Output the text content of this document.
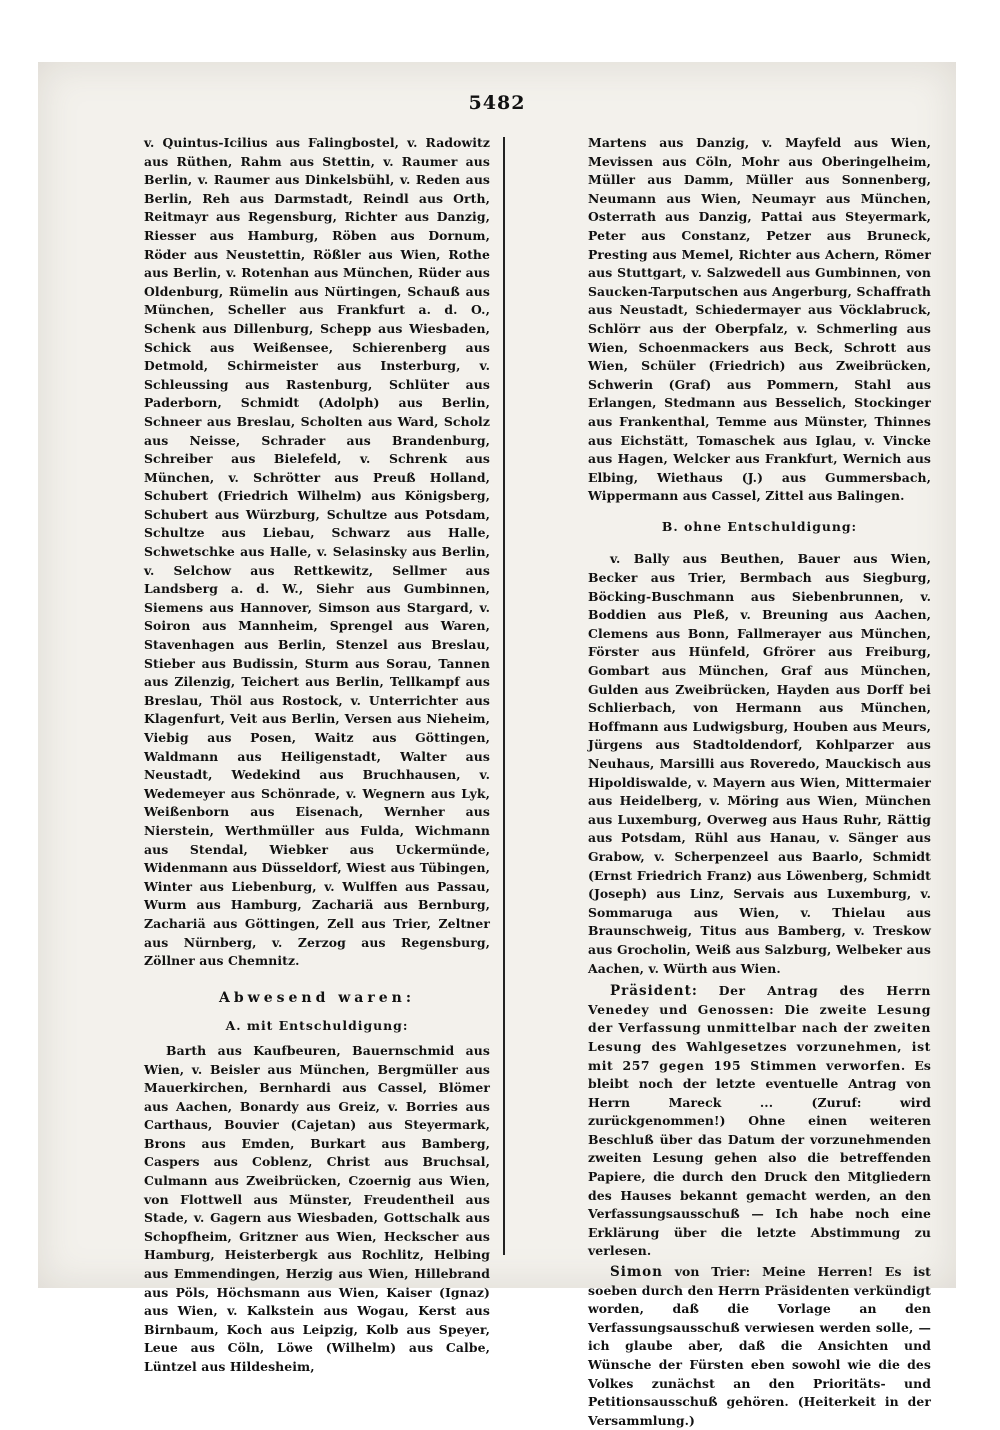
5482

v. Quintus-Icilius aus Falingbostel, v. Radowitz aus Rüthen, Rahm aus Stettin, v. Raumer aus Berlin, v. Raumer aus Dinkelsbühl, v. Reden aus Berlin, Reh aus Darmstadt, Reindl aus Orth, Reitmayr aus Regensburg, Richter aus Danzig, Riesser aus Hamburg, Röben aus Dornum, Röder aus Neustettin, Rößler aus Wien, Rothe aus Berlin, v. Rotenhan aus München, Rüder aus Oldenburg, Rümelin aus Nürtingen, Schauß aus München, Scheller aus Frankfurt a. d. O., Schenk aus Dillenburg, Schepp aus Wiesbaden, Schick aus Weißensee, Schierenberg aus Detmold, Schirmeister aus Insterburg, v. Schleussing aus Rastenburg, Schlüter aus Paderborn, Schmidt (Adolph) aus Berlin, Schneer aus Breslau, Scholten aus Ward, Scholz aus Neisse, Schrader aus Brandenburg, Schreiber aus Bielefeld, v. Schrenk aus München, v. Schrötter aus Preuß Holland, Schubert (Friedrich Wilhelm) aus Königsberg, Schubert aus Würzburg, Schultze aus Potsdam, Schultze aus Liebau, Schwarz aus Halle, Schwetschke aus Halle, v. Selasinsky aus Berlin, v. Selchow aus Rettkewitz, Sellmer aus Landsberg a. d. W., Siehr aus Gumbinnen, Siemens aus Hannover, Simson aus Stargard, v. Soiron aus Mannheim, Sprengel aus Waren, Stavenhagen aus Berlin, Stenzel aus Breslau, Stieber aus Budissin, Sturm aus Sorau, Tannen aus Zilenzig, Teichert aus Berlin, Tellkampf aus Breslau, Thöl aus Rostock, v. Unterrichter aus Klagenfurt, Veit aus Berlin, Versen aus Nieheim, Viebig aus Posen, Waitz aus Göttingen, Waldmann aus Heiligenstadt, Walter aus Neustadt, Wedekind aus Bruchhausen, v. Wedemeyer aus Schönrade, v. Wegnern aus Lyk, Weißenborn aus Eisenach, Wernher aus Nierstein, Werthmüller aus Fulda, Wichmann aus Stendal, Wiebker aus Uckermünde, Widenmann aus Düsseldorf, Wiest aus Tübingen, Winter aus Liebenburg, v. Wulffen aus Passau, Wurm aus Hamburg, Zachariä aus Bernburg, Zachariä aus Göttingen, Zell aus Trier, Zeltner aus Nürnberg, v. Zerzog aus Regensburg, Zöllner aus Chemnitz.

Abwesend waren:

A. mit Entschuldigung:

Barth aus Kaufbeuren, Bauernschmid aus Wien, v. Beisler aus München, Bergmüller aus Mauerkirchen, Bernhardi aus Cassel, Blömer aus Aachen, Bonardy aus Greiz, v. Borries aus Carthaus, Bouvier (Cajetan) aus Steyermark, Brons aus Emden, Burkart aus Bamberg, Caspers aus Coblenz, Christ aus Bruchsal, Culmann aus Zweibrücken, Czoernig aus Wien, von Flottwell aus Münster, Freudentheil aus Stade, v. Gagern aus Wiesbaden, Gottschalk aus Schopfheim, Gritzner aus Wien, Heckscher aus Hamburg, Heisterbergk aus Rochlitz, Helbing aus Emmendingen, Herzig aus Wien, Hillebrand aus Pöls, Höchsmann aus Wien, Kaiser (Ignaz) aus Wien, v. Kalkstein aus Wogau, Kerst aus Birnbaum, Koch aus Leipzig, Kolb aus Speyer, Leue aus Cöln, Löwe (Wilhelm) aus Calbe, Lüntzel aus Hildesheim,

Martens aus Danzig, v. Mayfeld aus Wien, Mevissen aus Cöln, Mohr aus Oberingelheim, Müller aus Damm, Müller aus Sonnenberg, Neumann aus Wien, Neumayr aus München, Osterrath aus Danzig, Pattai aus Steyermark, Peter aus Constanz, Petzer aus Bruneck, Presting aus Memel, Richter aus Achern, Römer aus Stuttgart, v. Salzwedell aus Gumbinnen, von Saucken-Tarputschen aus Angerburg, Schaffrath aus Neustadt, Schiedermayer aus Vöcklabruck, Schlörr aus der Oberpfalz, v. Schmerling aus Wien, Schoenmackers aus Beck, Schrott aus Wien, Schüler (Friedrich) aus Zweibrücken, Schwerin (Graf) aus Pommern, Stahl aus Erlangen, Stedmann aus Besselich, Stockinger aus Frankenthal, Temme aus Münster, Thinnes aus Eichstätt, Tomaschek aus Iglau, v. Vincke aus Hagen, Welcker aus Frankfurt, Wernich aus Elbing, Wiethaus (J.) aus Gummersbach, Wippermann aus Cassel, Zittel aus Balingen.

B. ohne Entschuldigung:

v. Bally aus Beuthen, Bauer aus Wien, Becker aus Trier, Bermbach aus Siegburg, Böcking-Buschmann aus Siebenbrunnen, v. Boddien aus Pleß, v. Breuning aus Aachen, Clemens aus Bonn, Fallmerayer aus München, Förster aus Hünfeld, Gfrörer aus Freiburg, Gombart aus München, Graf aus München, Gulden aus Zweibrücken, Hayden aus Dorff bei Schlierbach, von Hermann aus München, Hoffmann aus Ludwigsburg, Houben aus Meurs, Jürgens aus Stadtoldendorf, Kohlparzer aus Neuhaus, Marsilli aus Roveredo, Mauckisch aus Hipoldiswalde, v. Mayern aus Wien, Mittermaier aus Heidelberg, v. Möring aus Wien, München aus Luxemburg, Overweg aus Haus Ruhr, Rättig aus Potsdam, Rühl aus Hanau, v. Sänger aus Grabow, v. Scherpenzeel aus Baarlo, Schmidt (Ernst Friedrich Franz) aus Löwenberg, Schmidt (Joseph) aus Linz, Servais aus Luxemburg, v. Sommaruga aus Wien, v. Thielau aus Braunschweig, Titus aus Bamberg, v. Treskow aus Grocholin, Weiß aus Salzburg, Welbeker aus Aachen, v. Würth aus Wien.

Präsident: Der Antrag des Herrn Venedey und Genossen: Die zweite Lesung der Verfassung unmittelbar nach der zweiten Lesung des Wahlgesetzes vorzunehmen, ist mit 257 gegen 195 Stimmen verworfen. Es bleibt noch der letzte eventuelle Antrag von Herrn Mareck ... (Zuruf: wird zurückgenommen!) Ohne einen weiteren Beschluß über das Datum der vorzunehmenden zweiten Lesung gehen also die betreffenden Papiere, die durch den Druck den Mitgliedern des Hauses bekannt gemacht werden, an den Verfassungsausschuß — Ich habe noch eine Erklärung über die letzte Abstimmung zu verlesen.

Simon von Trier: Meine Herren! Es ist soeben durch den Herrn Präsidenten verkündigt worden, daß die Vorlage an den Verfassungsausschuß verwiesen werden solle, — ich glaube aber, daß die Ansichten und Wünsche der Fürsten eben sowohl wie die des Volkes zunächst an den Prioritäts- und Petitionsausschuß gehören. (Heiterkeit in der Versammlung.)
